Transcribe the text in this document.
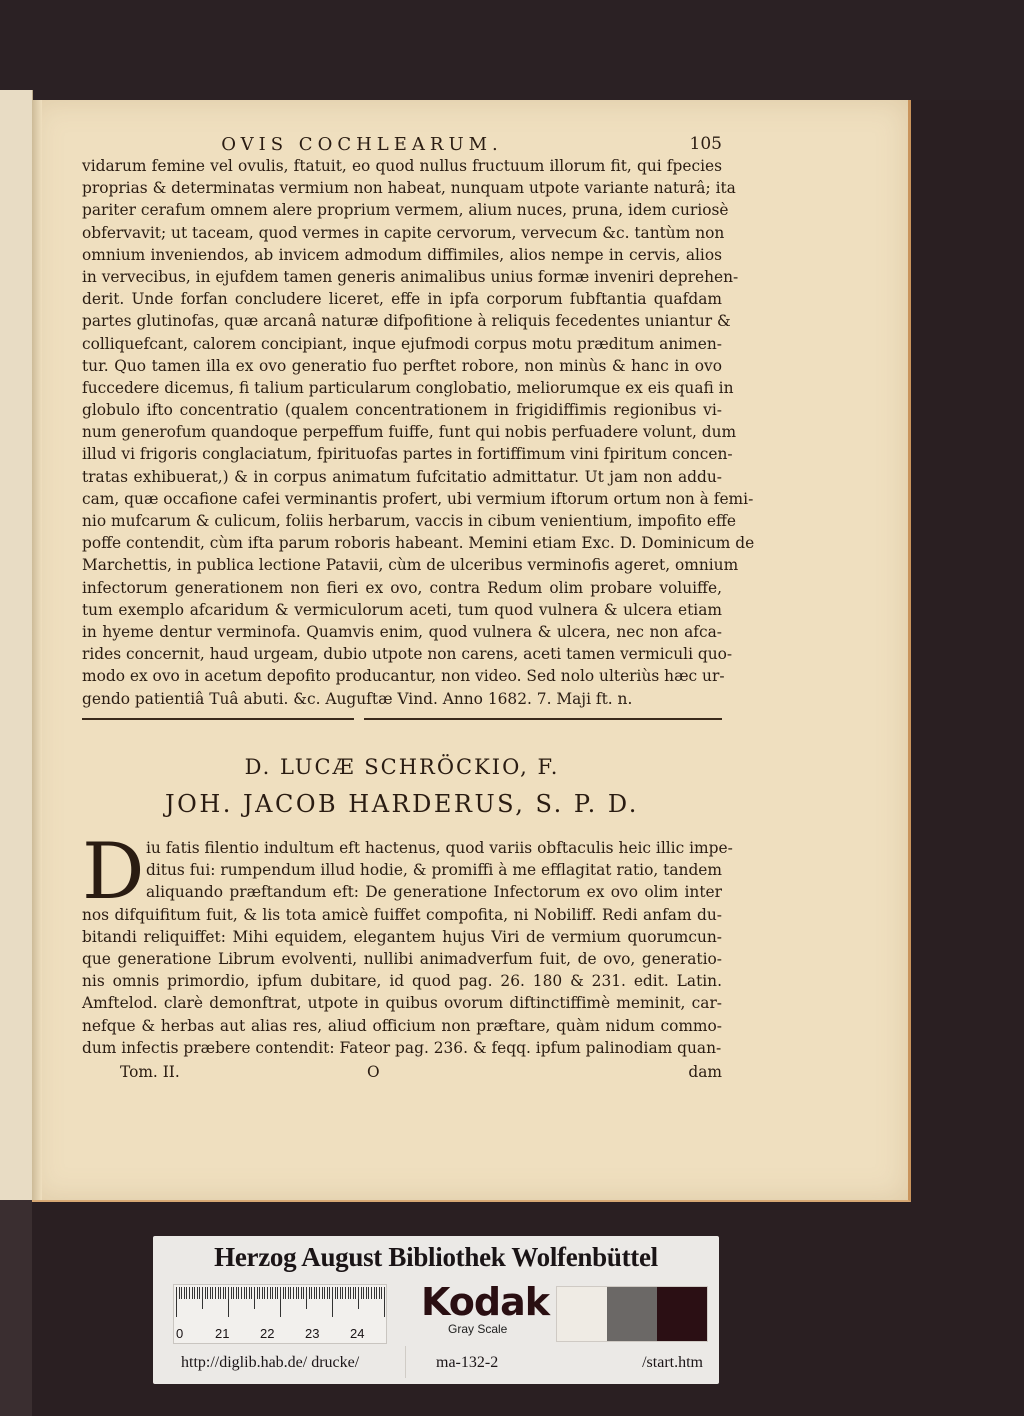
OVIS COCHLEARUM.	105
vidarum femine vel ovulis, ftatuit, eo quod nullus fructuum illorum fit, qui fpecies
proprias & determinatas vermium non habeat, nunquam utpote variante naturâ; ita
pariter cerafum omnem alere proprium vermem, alium nuces, pruna, idem curiosè
obfervavit; ut taceam, quod vermes in capite cervorum, vervecum &c. tantùm non
omnium inveniendos, ab invicem admodum diffimiles, alios nempe in cervis, alios
in vervecibus, in ejufdem tamen generis animalibus unius formæ inveniri deprehen-
derit. Unde forfan concludere liceret, effe in ipfa corporum fubftantia quafdam
partes glutinofas, quæ arcanâ naturæ difpofitione à reliquis fecedentes uniantur &
colliquefcant, calorem concipiant, inque ejufmodi corpus motu præditum animen-
tur. Quo tamen illa ex ovo generatio fuo perftet robore, non minùs & hanc in ovo
fuccedere dicemus, fi talium particularum conglobatio, meliorumque ex eis quafi in
globulo ifto concentratio (qualem concentrationem in frigidiffimis regionibus vi-
num generofum quandoque perpeffum fuiffe, funt qui nobis perfuadere volunt, dum
illud vi frigoris conglaciatum, fpirituofas partes in fortiffimum vini fpiritum concen-
tratas exhibuerat,) & in corpus animatum fufcitatio admittatur. Ut jam non addu-
cam, quæ occafione cafei verminantis profert, ubi vermium iftorum ortum non à femi-
nio mufcarum & culicum, foliis herbarum, vaccis in cibum venientium, impofito effe
poffe contendit, cùm ifta parum roboris habeant. Memini etiam Exc. D. Dominicum de
Marchettis, in publica lectione Patavii, cùm de ulceribus verminofis ageret, omnium
infectorum generationem non fieri ex ovo, contra Redum olim probare voluiffe,
tum exemplo afcaridum & vermiculorum aceti, tum quod vulnera & ulcera etiam
in hyeme dentur verminofa. Quamvis enim, quod vulnera & ulcera, nec non afca-
rides concernit, haud urgeam, dubio utpote non carens, aceti tamen vermiculi quo-
modo ex ovo in acetum depofito producantur, non video. Sed nolo ulteriùs hæc ur-
gendo patientiâ Tuâ abuti. &c. Auguftæ Vind. Anno 1682. 7. Maji ft. n.
D. LUCÆ SCHRÖCKIO, F.
JOH. JACOB HARDERUS, S. P. D.
D iu fatis filentio indultum eft hactenus, quod variis obftaculis heic illic impe-
ditus fui: rumpendum illud hodie, & promiffi à me efflagitat ratio, tandem
aliquando præftandum eft: De generatione Infectorum ex ovo olim inter
nos difquifitum fuit, & lis tota amicè fuiffet compofita, ni Nobiliff. Redi anfam du-
bitandi reliquiffet: Mihi equidem, elegantem hujus Viri de vermium quorumcun-
que generatione Librum evolventi, nullibi animadverfum fuit, de ovo, generatio-
nis omnis primordio, ipfum dubitare, id quod pag. 26. 180 & 231. edit. Latin.
Amftelod. clarè demonftrat, utpote in quibus ovorum diftinctiffimè meminit, car-
nefque & herbas aut alias res, aliud officium non præftare, quàm nidum commo-
dum infectis præbere contendit: Fateor pag. 236. & feqq. ipfum palinodiam quan-
Tom. II.	O	dam
Herzog August Bibliothek Wolfenbüttel
0 21 22 23 24
Kodak
Gray Scale
http://diglib.hab.de/ drucke/	ma-132-2	/start.htm
